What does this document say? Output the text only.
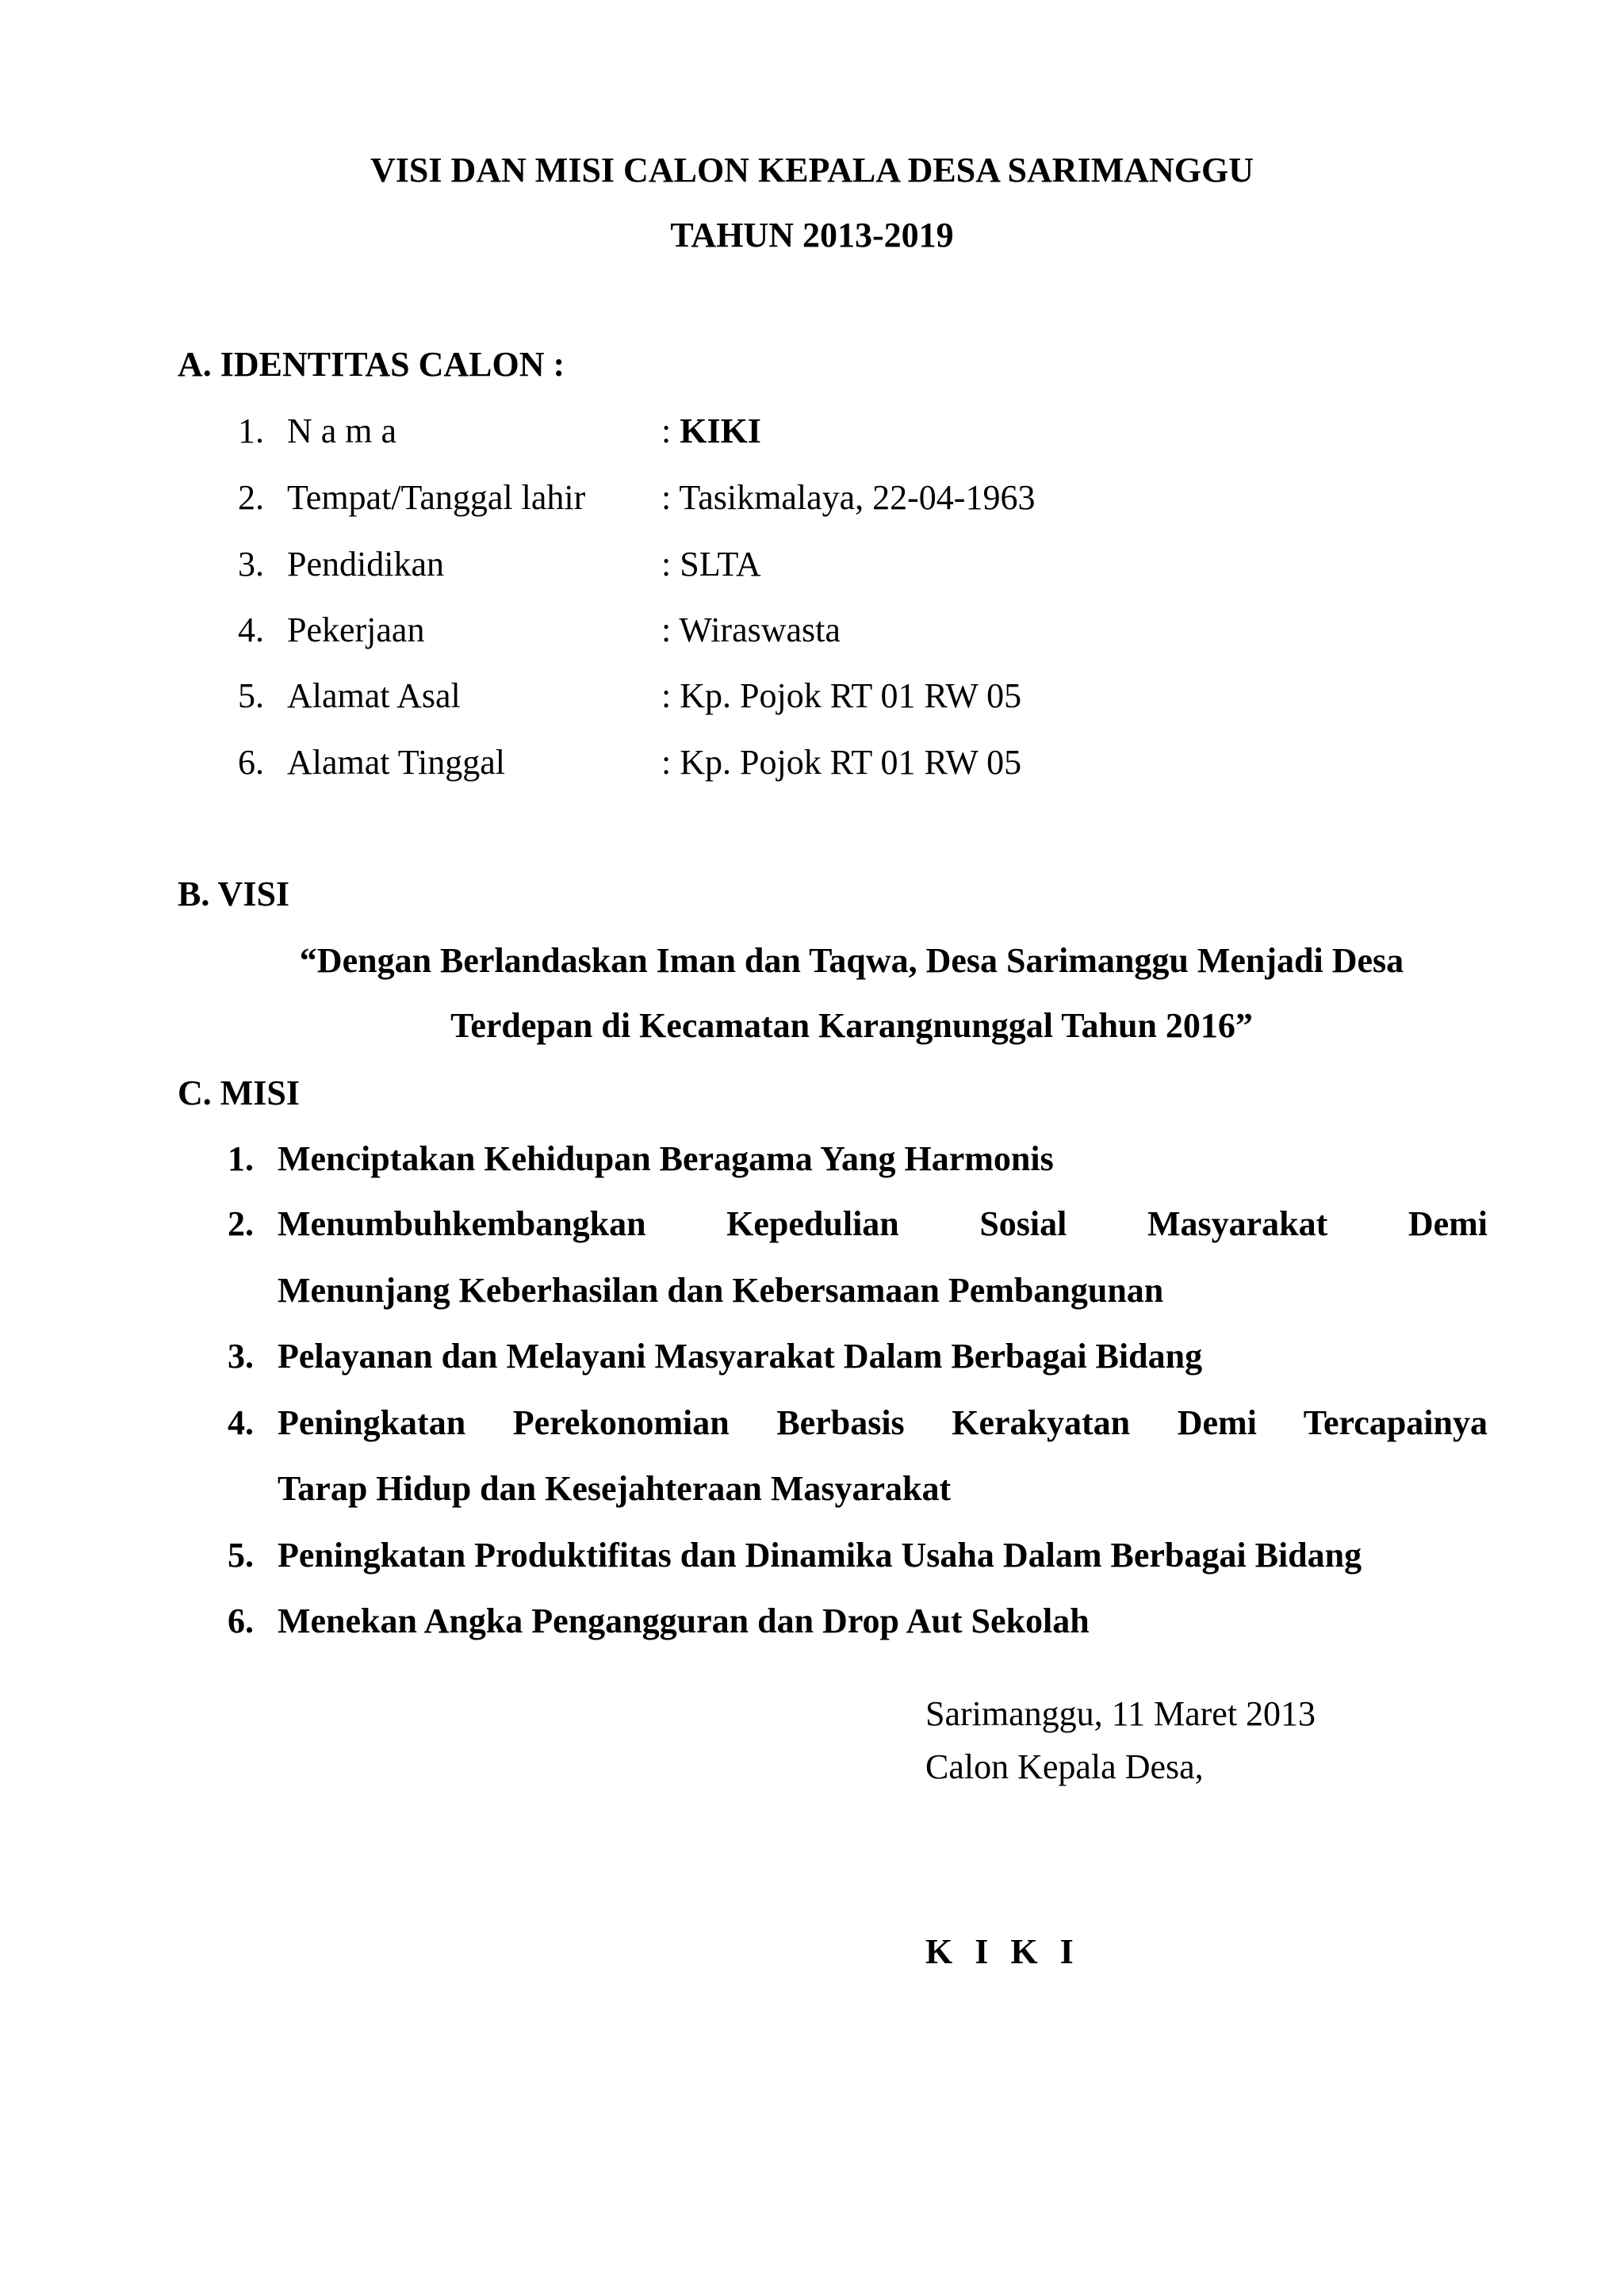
VISI DAN MISI CALON KEPALA DESA SARIMANGGU
TAHUN 2013-2019
A. IDENTITAS CALON :
1. N a m a	: KIKI
2. Tempat/Tanggal lahir : Tasikmalaya, 22-04-1963
3. Pendidikan	: SLTA
4. Pekerjaan	: Wiraswasta
5. Alamat Asal	: Kp. Pojok RT 01 RW 05
6. Alamat Tinggal	: Kp. Pojok RT 01 RW 05
B. VISI
“Dengan Berlandaskan Iman dan Taqwa, Desa Sarimanggu Menjadi Desa
Terdepan di Kecamatan Karangnunggal Tahun 2016”
C. MISI
1. Menciptakan Kehidupan Beragama Yang Harmonis
2. Menumbuhkembangkan Kepedulian Sosial Masyarakat Demi
Menunjang Keberhasilan dan Kebersamaan Pembangunan
3. Pelayanan dan Melayani Masyarakat Dalam Berbagai Bidang
4. Peningkatan Perekonomian Berbasis Kerakyatan Demi Tercapainya
Tarap Hidup dan Kesejahteraan Masyarakat
5. Peningkatan Produktifitas dan Dinamika Usaha Dalam Berbagai Bidang
6. Menekan Angka Pengangguran dan Drop Aut Sekolah
Sarimanggu, 11 Maret 2013
Calon Kepala Desa,
KIKI
